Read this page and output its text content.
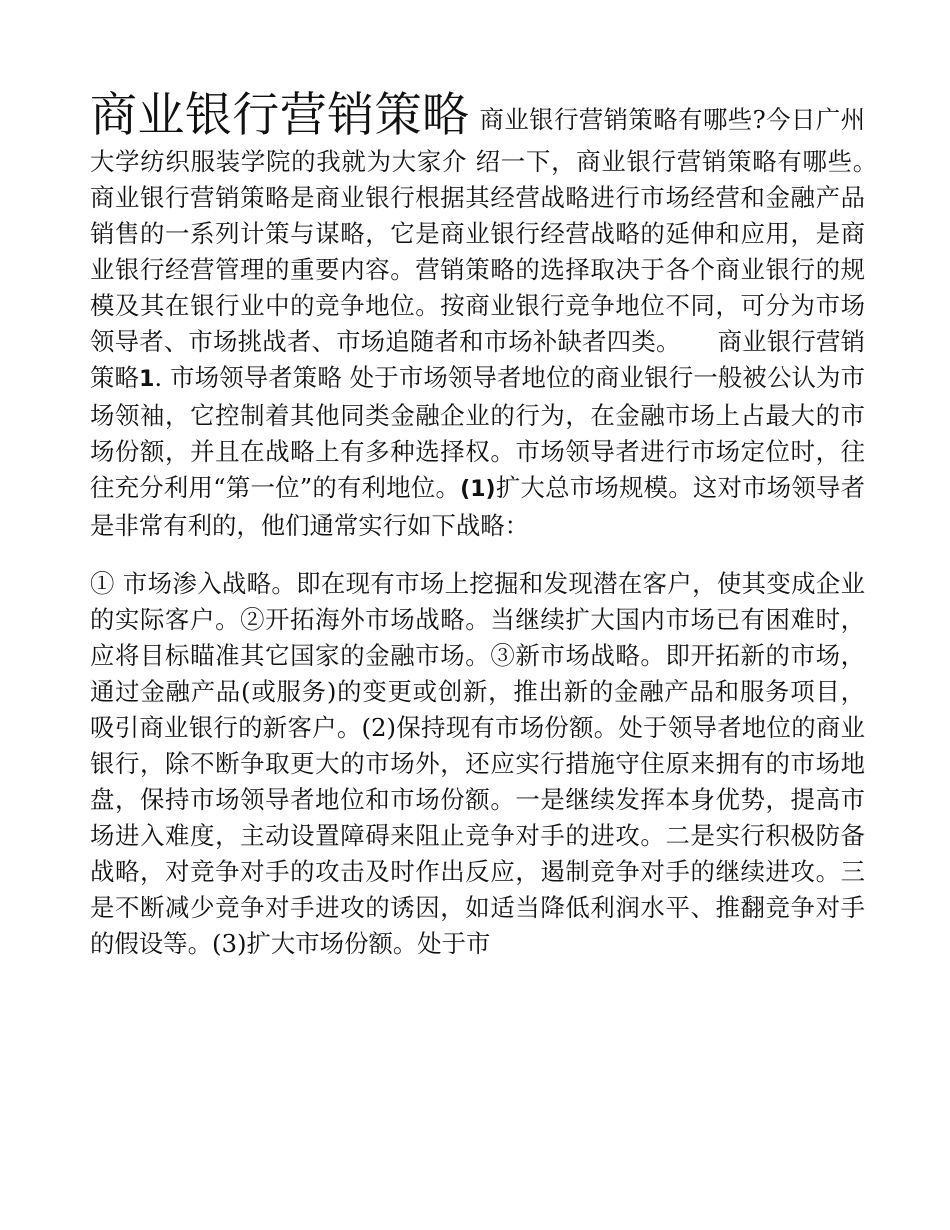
商业银行营销策略 商业银行营销策略有哪些?今日广州大学纺织服装学院的我就为大家介 绍一下，商业银行营销策略有哪些。　　　商业银行营销策略是商业银行根据其经营战略进行市场经营和金融产品销售的一系列计策与谋略，它是商业银行经营战略的延伸和应用，是商业银行经营管理的重要内容。营销策略的选择取决于各个商业银行的规模及其在银行业中的竞争地位。按商业银行竞争地位不同，可分为市场领导者、市场挑战者、市场追随者和市场补缺者四类。　　商业银行营销策略1. 市场领导者策略 处于市场领导者地位的商业银行一般被公认为市场领袖，它控制着其他同类金融企业的行为，在金融市场上占最大的市场份额，并且在战略上有多种选择权。市场领导者进行市场定位时，往往充分利用“第一位”的有利地位。(1)扩大总市场规模。这对市场领导者是非常有利的，他们通常实行如下战略：

① 市场渗入战略。即在现有市场上挖掘和发现潜在客户，使其变成企业的实际客户。②开拓海外市场战略。当继续扩大国内市场已有困难时，应将目标瞄准其它国家的金融市场。③新市场战略。即开拓新的市场，通过金融产品(或服务)的变更或创新，推出新的金融产品和服务项目，吸引商业银行的新客户。(2)保持现有市场份额。处于领导者地位的商业银行，除不断争取更大的市场外，还应实行措施守住原来拥有的市场地盘，保持市场领导者地位和市场份额。一是继续发挥本身优势，提高市场进入难度，主动设置障碍来阻止竞争对手的进攻。二是实行积极防备战略，对竞争对手的攻击及时作出反应，遏制竞争对手的继续进攻。三是不断减少竞争对手进攻的诱因，如适当降低利润水平、推翻竞争对手的假设等。(3)扩大市场份额。处于市
